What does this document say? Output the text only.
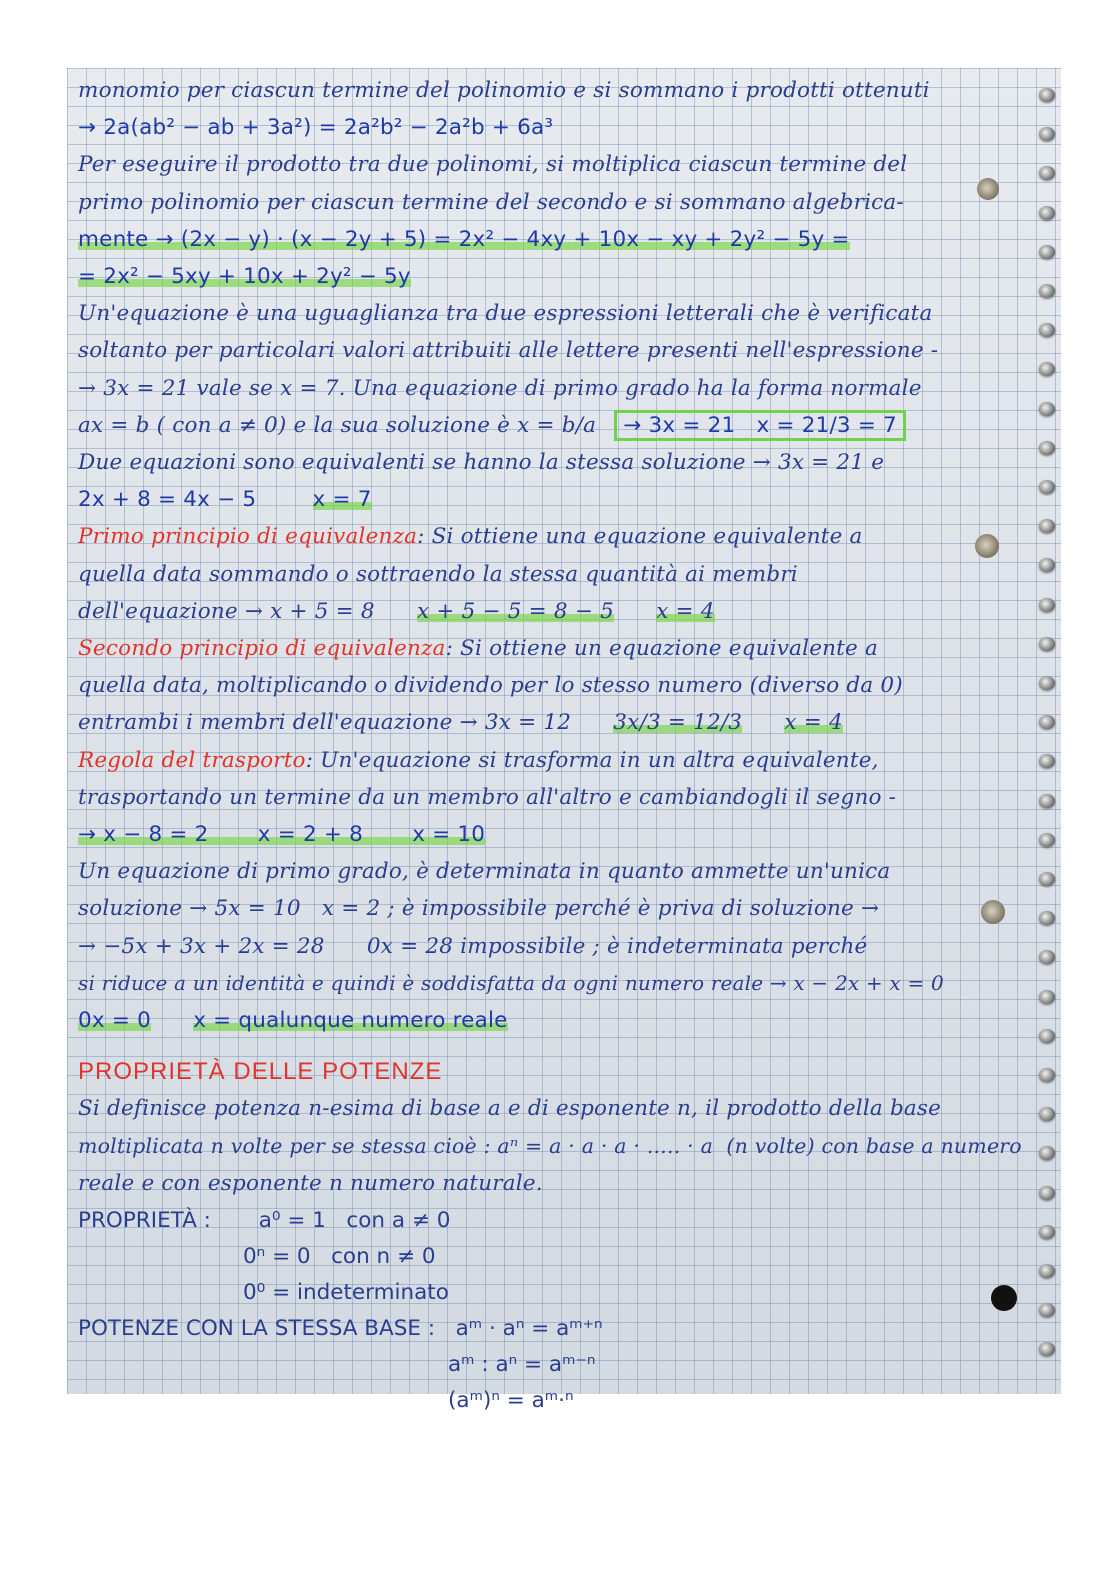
monomio per ciascun termine del polinomio e si sommano i prodotti ottenuti
→ 2a(ab² − ab + 3a²) = 2a²b² − 2a²b + 6a³
Per eseguire il prodotto tra due polinomi, si moltiplica ciascun termine del
primo polinomio per ciascun termine del secondo e si sommano algebrica-
mente → (2x − y) · (x − 2y + 5) = 2x² − 4xy + 10x − xy + 2y² − 5y =
= 2x² − 5xy + 10x + 2y² − 5y
Un'equazione è una uguaglianza tra due espressioni letterali che è verificata
soltanto per particolari valori attribuiti alle lettere presenti nell'espressione -
→ 3x = 21 vale se x = 7. Una equazione di primo grado ha la forma normale
ax = b ( con a ≠ 0) e la sua soluzione è x = b/a → 3x = 21   x = 21/3 = 7
Due equazioni sono equivalenti se hanno la stessa soluzione → 3x = 21 e
2x + 8 = 4x − 5	x = 7
Primo principio di equivalenza: Si ottiene una equazione equivalente a
quella data sommando o sottraendo la stessa quantità ai membri
dell'equazione → x + 5 = 8 x + 5 − 5 = 8 − 5 x = 4
Secondo principio di equivalenza: Si ottiene un equazione equivalente a
quella data, moltiplicando o dividendo per lo stesso numero (diverso da 0)
entrambi i membri dell'equazione → 3x = 12 3x/3 = 12/3 x = 4
Regola del trasporto: Un'equazione si trasforma in un altra equivalente,
trasportando un termine da un membro all'altro e cambiandogli il segno -
→ x − 8 = 2       x = 2 + 8       x = 10
Un equazione di primo grado, è determinata in quanto ammette un'unica
soluzione → 5x = 10   x = 2 ; è impossibile perché è priva di soluzione →
→ −5x + 3x + 2x = 28      0x = 28 impossibile ; è indeterminata perché
si riduce a un identità e quindi è soddisfatta da ogni numero reale → x − 2x + x = 0
0x = 0 x = qualunque numero reale
PROPRIETÀ DELLE POTENZE
Si definisce potenza n-esima di base a e di esponente n, il prodotto della base
moltiplicata n volte per se stessa cioè : aⁿ = a · a · a · ..... · a  (n volte) con base a numero
reale e con esponente n numero naturale.
PROPRIETÀ : a⁰ = 1   con a ≠ 0
0ⁿ = 0   con n ≠ 0
0⁰ = indeterminato
POTENZE CON LA STESSA BASE : aᵐ · aⁿ = aᵐ⁺ⁿ
aᵐ : aⁿ = aᵐ⁻ⁿ
(aᵐ)ⁿ = aᵐ·ⁿ
